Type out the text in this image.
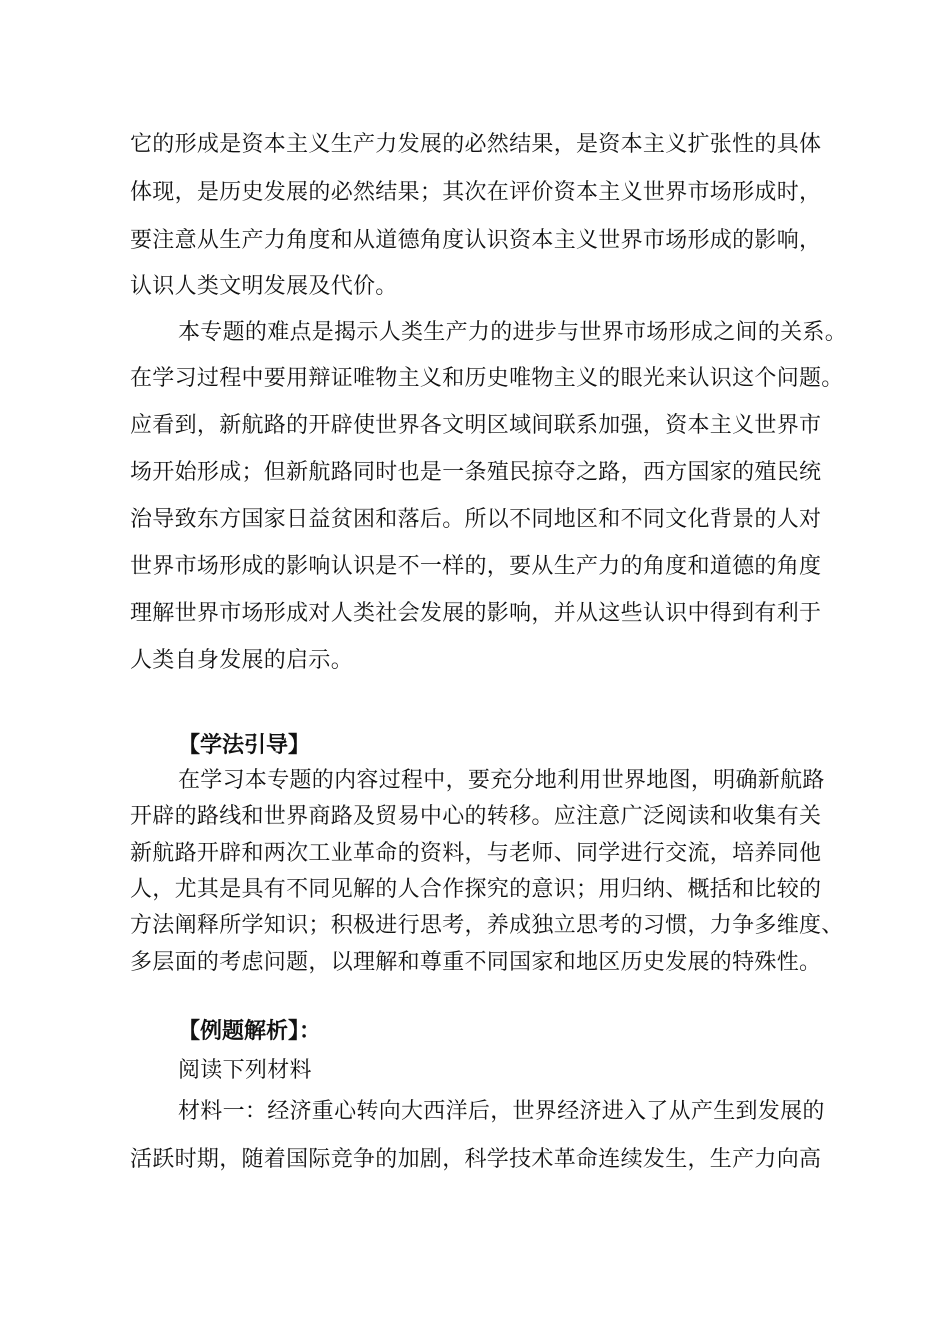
它的形成是资本主义生产力发展的必然结果，是资本主义扩张性的具体
体现，是历史发展的必然结果；其次在评价资本主义世界市场形成时，
要注意从生产力角度和从道德角度认识资本主义世界市场形成的影响，
认识人类文明发展及代价。
本专题的难点是揭示人类生产力的进步与世界市场形成之间的关系。
在学习过程中要用辩证唯物主义和历史唯物主义的眼光来认识这个问题。
应看到，新航路的开辟使世界各文明区域间联系加强，资本主义世界市
场开始形成；但新航路同时也是一条殖民掠夺之路，西方国家的殖民统
治导致东方国家日益贫困和落后。所以不同地区和不同文化背景的人对
世界市场形成的影响认识是不一样的，要从生产力的角度和道德的角度
理解世界市场形成对人类社会发展的影响，并从这些认识中得到有利于
人类自身发展的启示。
【学法引导】
在学习本专题的内容过程中，要充分地利用世界地图，明确新航路
开辟的路线和世界商路及贸易中心的转移。应注意广泛阅读和收集有关
新航路开辟和两次工业革命的资料，与老师、同学进行交流，培养同他
人，尤其是具有不同见解的人合作探究的意识；用归纳、概括和比较的
方法阐释所学知识；积极进行思考，养成独立思考的习惯，力争多维度、
多层面的考虑问题，以理解和尊重不同国家和地区历史发展的特殊性。
【例题解析】：
阅读下列材料
材料一：经济重心转向大西洋后，世界经济进入了从产生到发展的
活跃时期，随着国际竞争的加剧，科学技术革命连续发生，生产力向高
